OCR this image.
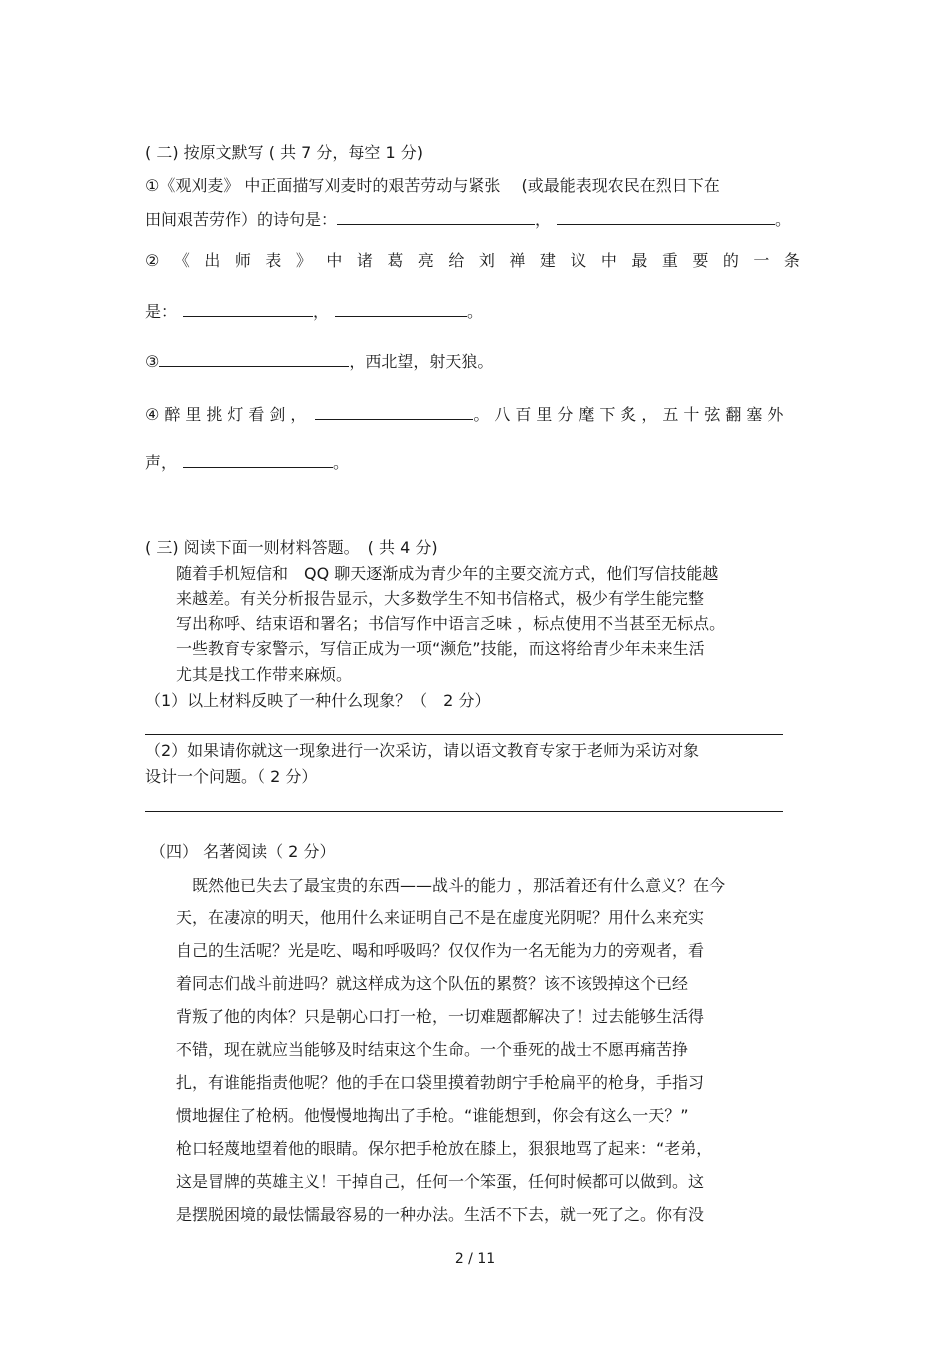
( 二) 按原文默写 ( 共 7 分，每空 1 分)
①《观刈麦》 中正面描写刈麦时的艰苦劳动与紧张　 (或最能表现农民在烈日下在
田间艰苦劳作）的诗句是：	，	。
②《出师表》中诸葛亮给刘禅建议中最重要的一条
是：	，	。
③	，西北望，射天狼。
④醉里挑灯看剑，	。八百里分麾下炙，五十弦翻塞外
声，	。
( 三) 阅读下面一则材料答题。　( 共 4 分)
随着手机短信和　QQ 聊天逐渐成为青少年的主要交流方式，他们写信技能越
来越差。有关分析报告显示，大多数学生不知书信格式，极少有学生能完整
写出称呼、结束语和署名；书信写作中语言乏味 ，标点使用不当甚至无标点。
一些教育专家警示，写信正成为一项“濒危”技能，而这将给青少年未来生活
尤其是找工作带来麻烦。
（1）以上材料反映了一种什么现象？（　2 分）
（2）如果请你就这一现象进行一次采访，请以语文教育专家于老师为采访对象
设计一个问题。（ 2 分）
（四） 名著阅读（ 2 分）
　既然他已失去了最宝贵的东西——战斗的能力 ，那活着还有什么意义？在今
天，在凄凉的明天，他用什么来证明自己不是在虚度光阴呢？用什么来充实
自己的生活呢？光是吃、喝和呼吸吗？仅仅作为一名无能为力的旁观者，看
着同志们战斗前进吗？就这样成为这个队伍的累赘？该不该毁掉这个已经
背叛了他的肉体？只是朝心口打一枪，一切难题都解决了！过去能够生活得
不错，现在就应当能够及时结束这个生命。一个垂死的战士不愿再痛苦挣
扎，有谁能指责他呢？他的手在口袋里摸着勃朗宁手枪扁平的枪身，手指习
惯地握住了枪柄。他慢慢地掏出了手枪。“谁能想到，你会有这么一天？”
枪口轻蔑地望着他的眼睛。保尔把手枪放在膝上，狠狠地骂了起来：“老弟，
这是冒牌的英雄主义！干掉自己，任何一个笨蛋，任何时候都可以做到。这
是摆脱困境的最怯懦最容易的一种办法。生活不下去，就一死了之。你有没
2 / 11
